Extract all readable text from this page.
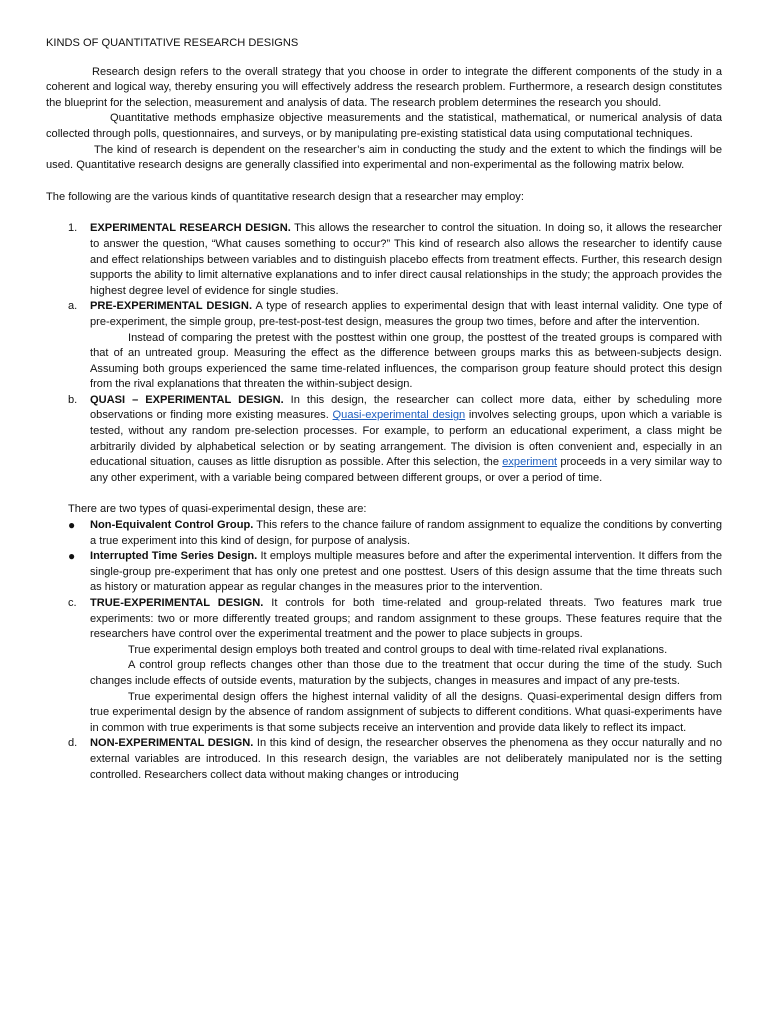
KINDS OF QUANTITATIVE RESEARCH DESIGNS

Research design refers to the overall strategy that you choose in order to integrate the different components of the study in a coherent and logical way, thereby ensuring you will effectively address the research problem. Furthermore, a research design constitutes the blueprint for the selection, measurement and analysis of data. The research problem determines the research you should.

Quantitative methods emphasize objective measurements and the statistical, mathematical, or numerical analysis of data collected through polls, questionnaires, and surveys, or by manipulating pre-existing statistical data using computational techniques.

The kind of research is dependent on the researcher’s aim in conducting the study and the extent to which the findings will be used. Quantitative research designs are generally classified into experimental and non-experimental as the following matrix below.

The following are the various kinds of quantitative research design that a researcher may employ:

1.	EXPERIMENTAL RESEARCH DESIGN. This allows the researcher to control the situation. In doing so, it allows the researcher to answer the question, “What causes something to occur?” This kind of research also allows the researcher to identify cause and effect relationships between variables and to distinguish placebo effects from treatment effects. Further, this research design supports the ability to limit alternative explanations and to infer direct causal relationships in the study; the approach provides the highest degree level of evidence for single studies.

a.	PRE-EXPERIMENTAL DESIGN. A type of research applies to experimental design that with least internal validity. One type of pre-experiment, the simple group, pre-test-post-test design, measures the group two times, before and after the intervention.

Instead of comparing the pretest with the posttest within one group, the posttest of the treated groups is compared with that of an untreated group. Measuring the effect as the difference between groups marks this as between-subjects design. Assuming both groups experienced the same time-related influences, the comparison group feature should protect this design from the rival explanations that threaten the within-subject design.

b.	QUASI – EXPERIMENTAL DESIGN. In this design, the researcher can collect more data, either by scheduling more observations or finding more existing measures. Quasi-experimental design involves selecting groups, upon which a variable is tested, without any random pre-selection processes. For example, to perform an educational experiment, a class might be arbitrarily divided by alphabetical selection or by seating arrangement. The division is often convenient and, especially in an educational situation, causes as little disruption as possible. After this selection, the experiment proceeds in a very similar way to any other experiment, with a variable being compared between different groups, or over a period of time.

There are two types of quasi-experimental design, these are:

●	Non-Equivalent Control Group. This refers to the chance failure of random assignment to equalize the conditions by converting a true experiment into this kind of design, for purpose of analysis.

●	Interrupted Time Series Design. It employs multiple measures before and after the experimental intervention. It differs from the single-group pre-experiment that has only one pretest and one posttest. Users of this design assume that the time threats such as history or maturation appear as regular changes in the measures prior to the intervention.

c.	TRUE-EXPERIMENTAL DESIGN. It controls for both time-related and group-related threats. Two features mark true experiments: two or more differently treated groups; and random assignment to these groups. These features require that the researchers have control over the experimental treatment and the power to place subjects in groups.

True experimental design employs both treated and control groups to deal with time-related rival explanations.

A control group reflects changes other than those due to the treatment that occur during the time of the study. Such changes include effects of outside events, maturation by the subjects, changes in measures and impact of any pre-tests.

True experimental design offers the highest internal validity of all the designs. Quasi-experimental design differs from true experimental design by the absence of random assignment of subjects to different conditions. What quasi-experiments have in common with true experiments is that some subjects receive an intervention and provide data likely to reflect its impact.

d.	NON-EXPERIMENTAL DESIGN. In this kind of design, the researcher observes the phenomena as they occur naturally and no external variables are introduced. In this research design, the variables are not deliberately manipulated nor is the setting controlled. Researchers collect data without making changes or introducing
